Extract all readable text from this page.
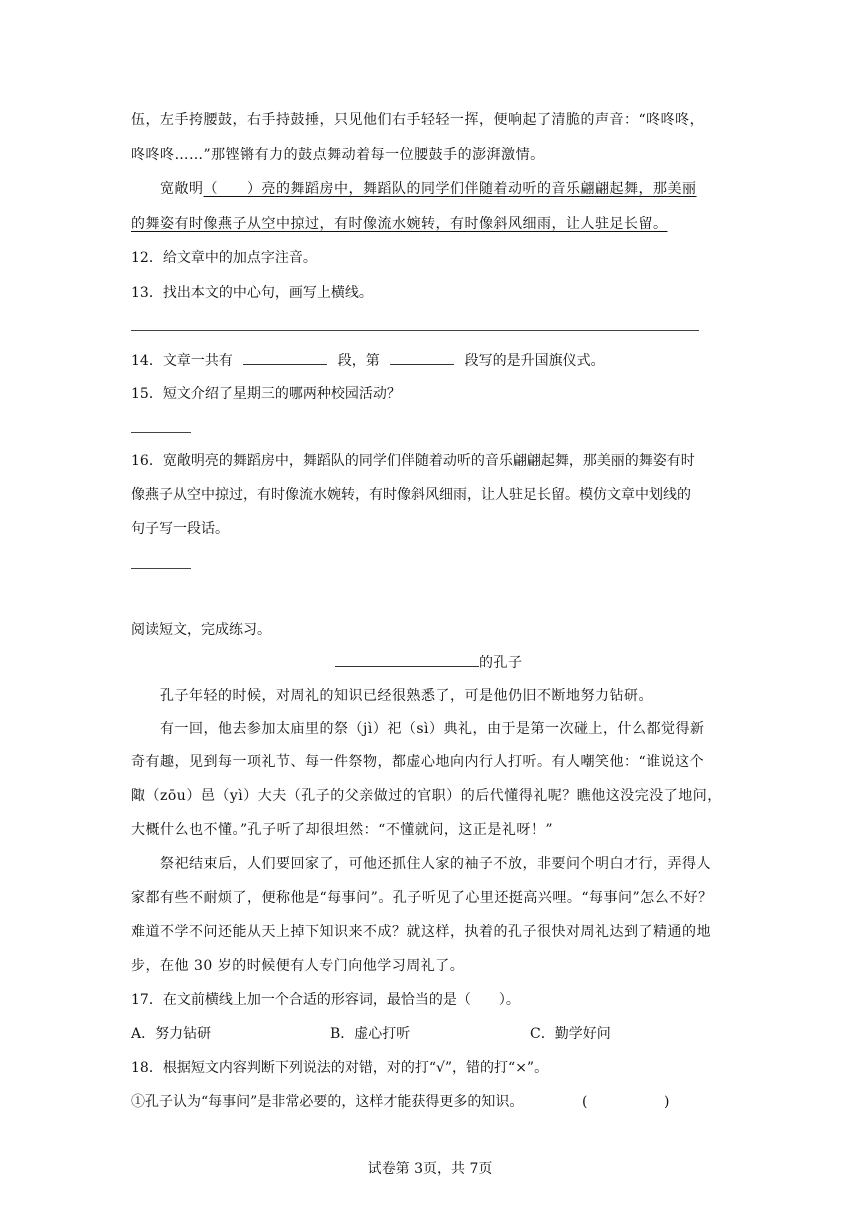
伍，左手挎腰鼓，右手持鼓捶，只见他们右手轻轻一挥，便响起了清脆的声音：“咚咚咚，
咚咚咚……”那铿锵有力的鼓点舞动着每一位腰鼓手的澎湃激情。
宽敞明（　　）亮的舞蹈房中，舞蹈队的同学们伴随着动听的音乐翩翩起舞，那美丽
的舞姿有时像燕子从空中掠过，有时像流水婉转，有时像斜风细雨，让人驻足长留。
12．给文章中的加点字注音。
13．找出本文的中心句，画写上横线。
14．文章一共有	段，第	段写的是升国旗仪式。
15．短文介绍了星期三的哪两种校园活动？
16．宽敞明亮的舞蹈房中，舞蹈队的同学们伴随着动听的音乐翩翩起舞，那美丽的舞姿有时
像燕子从空中掠过，有时像流水婉转，有时像斜风细雨，让人驻足长留。模仿文章中划线的
句子写一段话。
阅读短文，完成练习。
的孔子
孔子年轻的时候，对周礼的知识已经很熟悉了，可是他仍旧不断地努力钻研。
有一回，他去参加太庙里的祭（jì）祀（sì）典礼，由于是第一次碰上，什么都觉得新
奇有趣，见到每一项礼节、每一件祭物，都虚心地向内行人打听。有人嘲笑他：“谁说这个
陬（zōu）邑（yì）大夫（孔子的父亲做过的官职）的后代懂得礼呢？瞧他这没完没了地问，
大概什么也不懂。”孔子听了却很坦然：“不懂就问，这正是礼呀！”
祭祀结束后，人们要回家了，可他还抓住人家的袖子不放，非要问个明白才行，弄得人
家都有些不耐烦了，便称他是“每事问”。孔子听见了心里还挺高兴哩。“每事问”怎么不好？
难道不学不问还能从天上掉下知识来不成？就这样，执着的孔子很快对周礼达到了精通的地
步，在他 30 岁的时候便有人专门向他学习周礼了。
17．在文前横线上加一个合适的形容词，最恰当的是（　　）。
A．努力钻研	B．虚心打听	C．勤学好问
18．根据短文内容判断下列说法的对错，对的打“√”，错的打“×”。
①孔子认为“每事问”是非常必要的，这样才能获得更多的知识。	(	)
试卷第 3页，共 7页
